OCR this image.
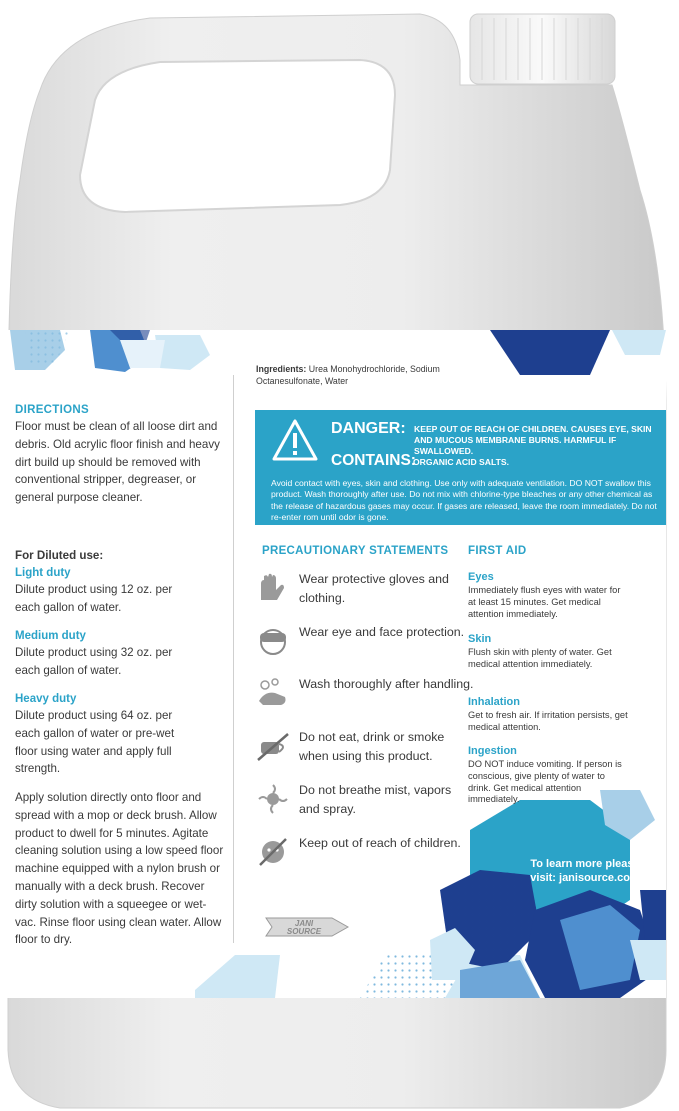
Ingredients: Urea Monohydrochloride, Sodium Octanesulfonate, Water
DIRECTIONS
Floor must be clean of all loose dirt and debris. Old acrylic floor finish and heavy dirt build up should be removed with conventional stripper, degreaser, or general purpose cleaner.
For Diluted use:
Light duty
Dilute product using 12 oz. per each gallon of water.
Medium duty
Dilute product using 32 oz. per each gallon of water.
Heavy duty
Dilute product using 64 oz. per each gallon of water or pre-wet floor using water and apply full strength.
Apply solution directly onto floor and spread with a mop or deck brush. Allow product to dwell for 5 minutes. Agitate cleaning solution using a low speed floor machine equipped with a nylon brush or manually with a deck brush. Recover dirty solution with a squeegee or wet-vac. Rinse floor using clean water. Allow floor to dry.
DANGER: KEEP OUT OF REACH OF CHILDREN. CAUSES EYE, SKIN AND MUCOUS MEMBRANE BURNS. HARMFUL IF SWALLOWED.
CONTAINS:
ORGANIC ACID SALTS.
Avoid contact with eyes, skin and clothing. Use only with adequate ventilation. DO NOT swallow this product. Wash thoroughly after use. Do not mix with chlorine-type bleaches or any other chemical as the release of hazardous gases may occur. If gases are released, leave the room immediately. Do not re-enter rom until odor is gone.
PRECAUTIONARY STATEMENTS
Wear protective gloves and clothing.
Wear eye and face protection.
Wash thoroughly after handling.
Do not eat, drink or smoke when using this product.
Do not breathe mist, vapors and spray.
Keep out of reach of children.
FIRST AID
Eyes
Immediately flush eyes with water for at least 15 minutes. Get medical attention immediately.
Skin
Flush skin with plenty of water. Get medical attention immediately.
Inhalation
Get to fresh air. If irritation persists, get medical attention.
Ingestion
DO NOT induce vomiting. If person is conscious, give plenty of water to drink. Get medical attention immediately.
To learn more please visit: janisource.com
JANI
SOURCE
